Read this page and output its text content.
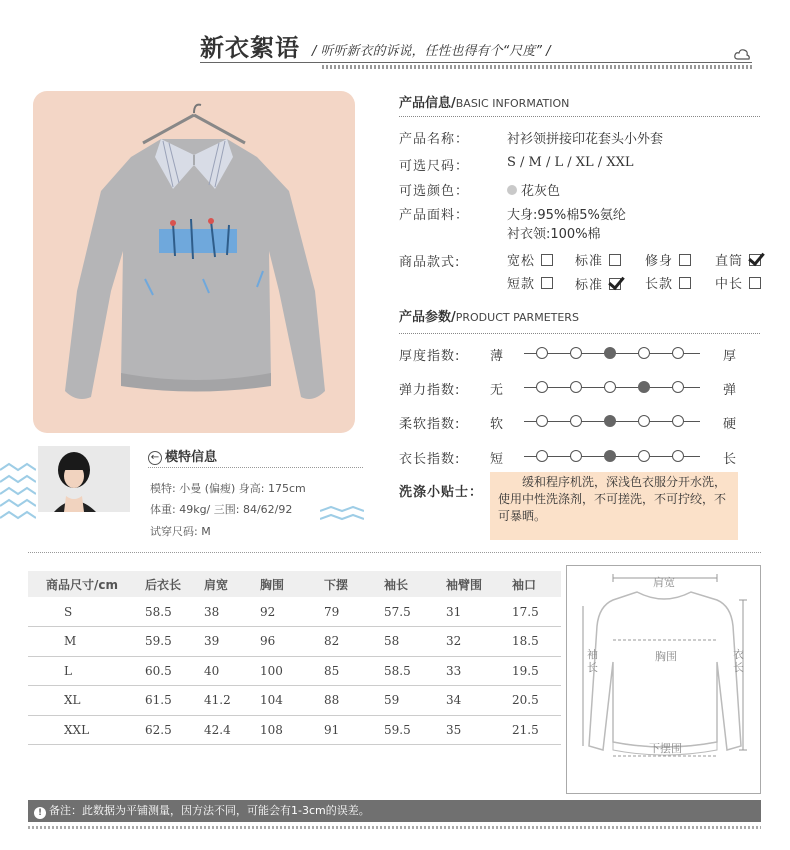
新衣絮语 / 听听新衣的诉说，任性也得有个“尺度” /
← 模特信息
模特: 小曼 (偏瘦) 身高: 175cm
体重: 49kg/ 三围: 84/62/92
试穿尺码: M
产品信息/BASIC INFORMATION
产品名称：	衬衫领拼接印花套头小外套
可选尺码：	S / M / L / XL / XXL
可选颜色：	花灰色
产品面料：	大身:95%棉5%氨纶
衬衣领:100%棉
商品款式:	宽松	标准	修身	直筒
短款	标准	长款	中长
产品参数/PRODUCT PARMETERS
厚度指数: 薄	厚
弹力指数: 无	弹
柔软指数: 软	硬
衣长指数: 短	长
洗涤小贴士：
缓和程序机洗，深浅色衣服分开水洗，使用中性洗涤剂，不可搓洗，不可拧绞，不可暴晒。
商品尺寸/cm	后衣长	肩宽	胸围	下摆	袖长	袖臂围	袖口
S	58.5	38	92	79	57.5	31	17.5
M	59.5	39	96	82	58	32	18.5
L	60.5	40	100	85	58.5	33	19.5
XL	61.5	41.2	104	88	59	34	20.5
XXL	62.5	42.4	108	91	59.5	35	21.5
肩宽
袖长
胸围	衣长
下摆围
! 备注：此数据为平铺测量，因方法不同，可能会有1-3cm的误差。
